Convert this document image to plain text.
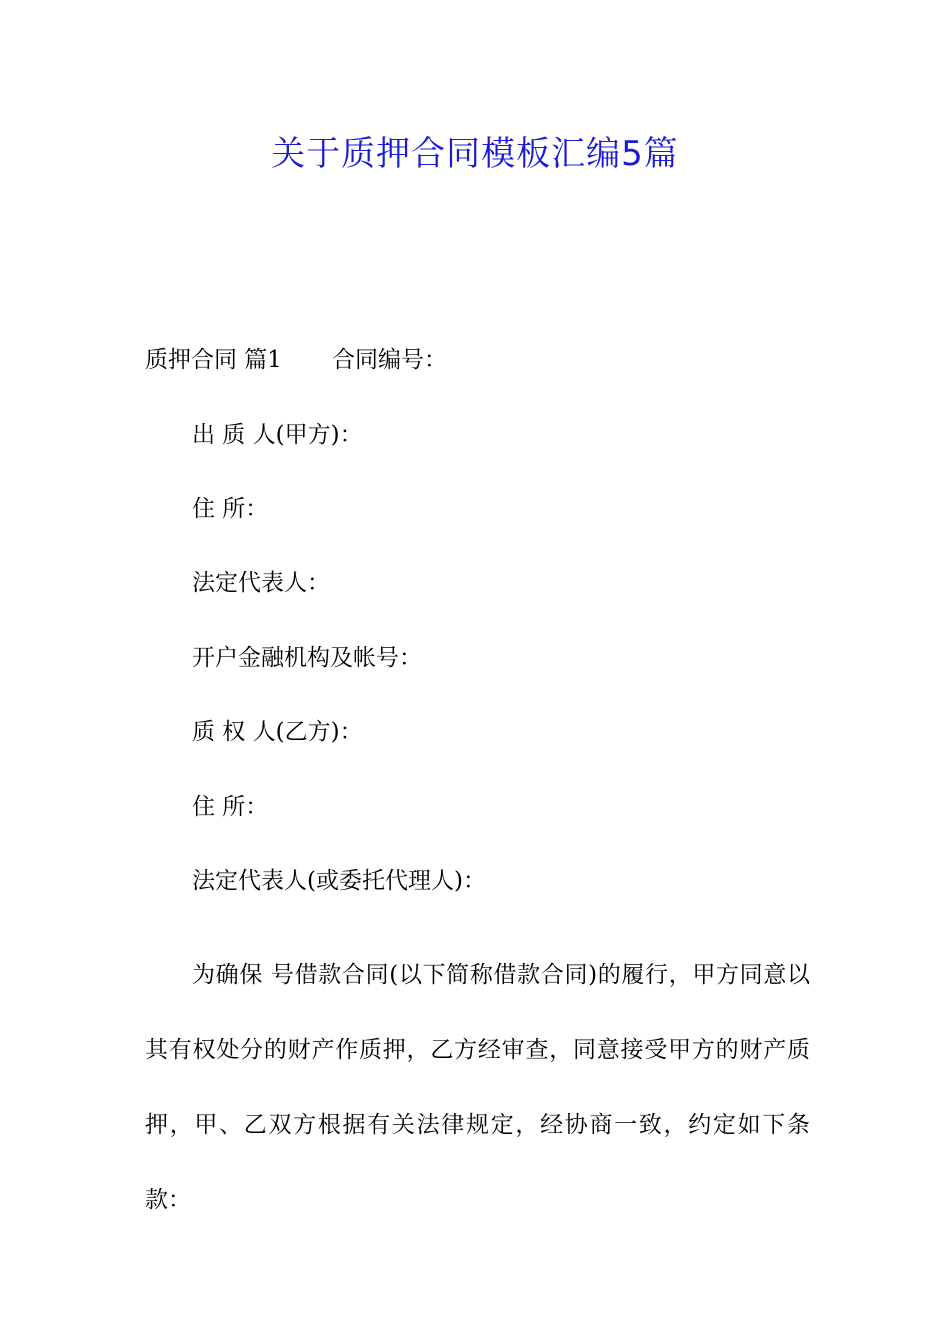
关于质押合同模板汇编5篇
质押合同 篇1 合同编号：
出 质 人(甲方)：
住 所：
法定代表人：
开户金融机构及帐号：
质 权 人(乙方)：
住 所：
法定代表人(或委托代理人)：

为确保 号借款合同(以下简称借款合同)的履行，甲方同意以其有权处分的财产作质押，乙方经审查，同意接受甲方的财产质押，甲、乙双方根据有关法律规定，经协商一致，约定如下条款：
